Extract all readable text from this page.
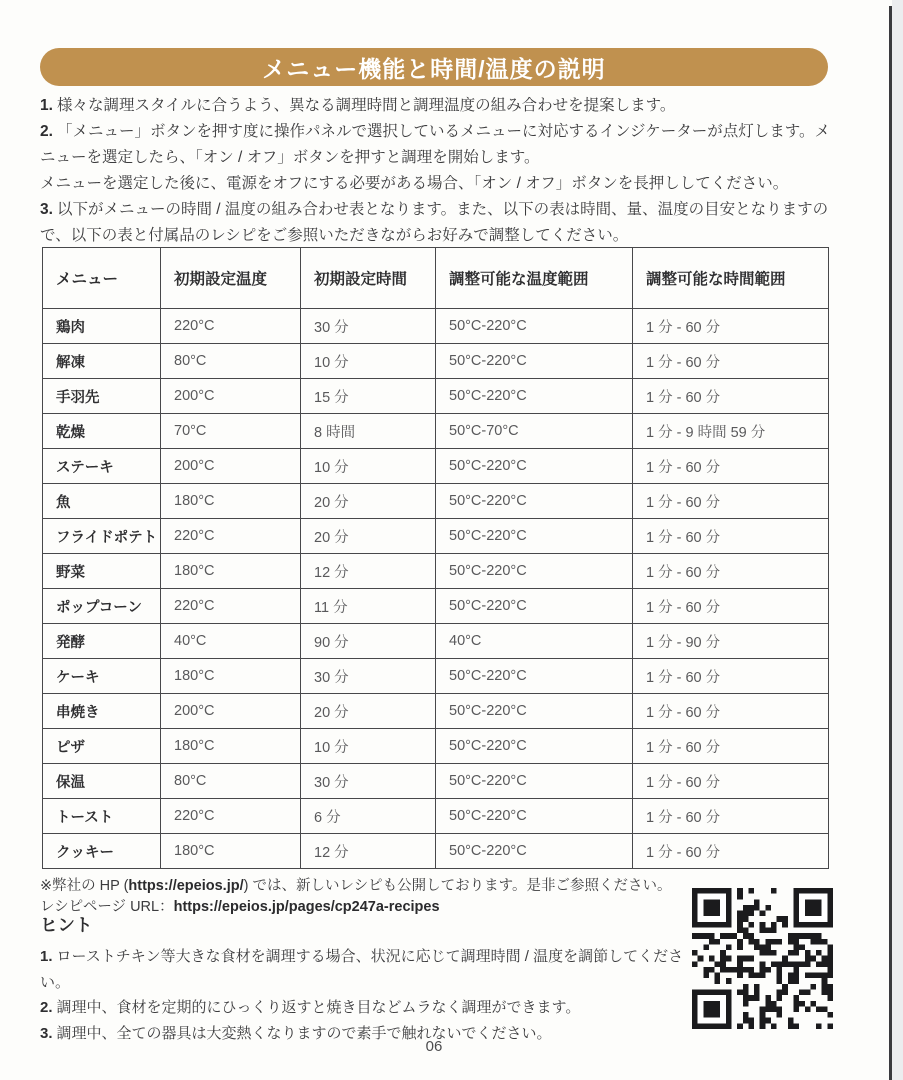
メニュー機能と時間/温度の説明

1. 様々な調理スタイルに合うよう、異なる調理時間と調理温度の組み合わせを提案します。

2. 「メニュー」ボタンを押す度に操作パネルで選択しているメニューに対応するインジケーターが点灯します。メニューを選定したら、「オン / オフ」ボタンを押すと調理を開始します。

メニューを選定した後に、電源をオフにする必要がある場合、「オン / オフ」ボタンを長押ししてください。

3. 以下がメニューの時間 / 温度の組み合わせ表となります。また、以下の表は時間、量、温度の目安となりますので、以下の表と付属品のレシピをご参照いただきながらお好みで調整してください。

メニュー	初期設定温度	初期設定時間	調整可能な温度範囲	調整可能な時間範囲
鶏肉	220°C	30 分	50°C-220°C	1 分 - 60 分
解凍	80°C	10 分	50°C-220°C	1 分 - 60 分
手羽先	200°C	15 分	50°C-220°C	1 分 - 60 分
乾燥	70°C	8 時間	50°C-70°C	1 分 - 9 時間 59 分
ステーキ	200°C	10 分	50°C-220°C	1 分 - 60 分
魚	180°C	20 分	50°C-220°C	1 分 - 60 分
フライドポテト	220°C	20 分	50°C-220°C	1 分 - 60 分
野菜	180°C	12 分	50°C-220°C	1 分 - 60 分
ポップコーン	220°C	11 分	50°C-220°C	1 分 - 60 分
発酵	40°C	90 分	40°C	1 分 - 90 分
ケーキ	180°C	30 分	50°C-220°C	1 分 - 60 分
串焼き	200°C	20 分	50°C-220°C	1 分 - 60 分
ピザ	180°C	10 分	50°C-220°C	1 分 - 60 分
保温	80°C	30 分	50°C-220°C	1 分 - 60 分
トースト	220°C	6 分	50°C-220°C	1 分 - 60 分
クッキー	180°C	12 分	50°C-220°C	1 分 - 60 分

※弊社の HP (https://epeios.jp/) では、新しいレシピも公開しております。是非ご参照ください。

レシピページ URL：https://epeios.jp/pages/cp247a-recipes

ヒント

1. ローストチキン等大きな食材を調理する場合、状況に応じて調理時間 / 温度を調節してください。

2. 調理中、食材を定期的にひっくり返すと焼き目などムラなく調理ができます。

3. 調理中、全ての器具は大変熱くなりますので素手で触れないでください。

06
